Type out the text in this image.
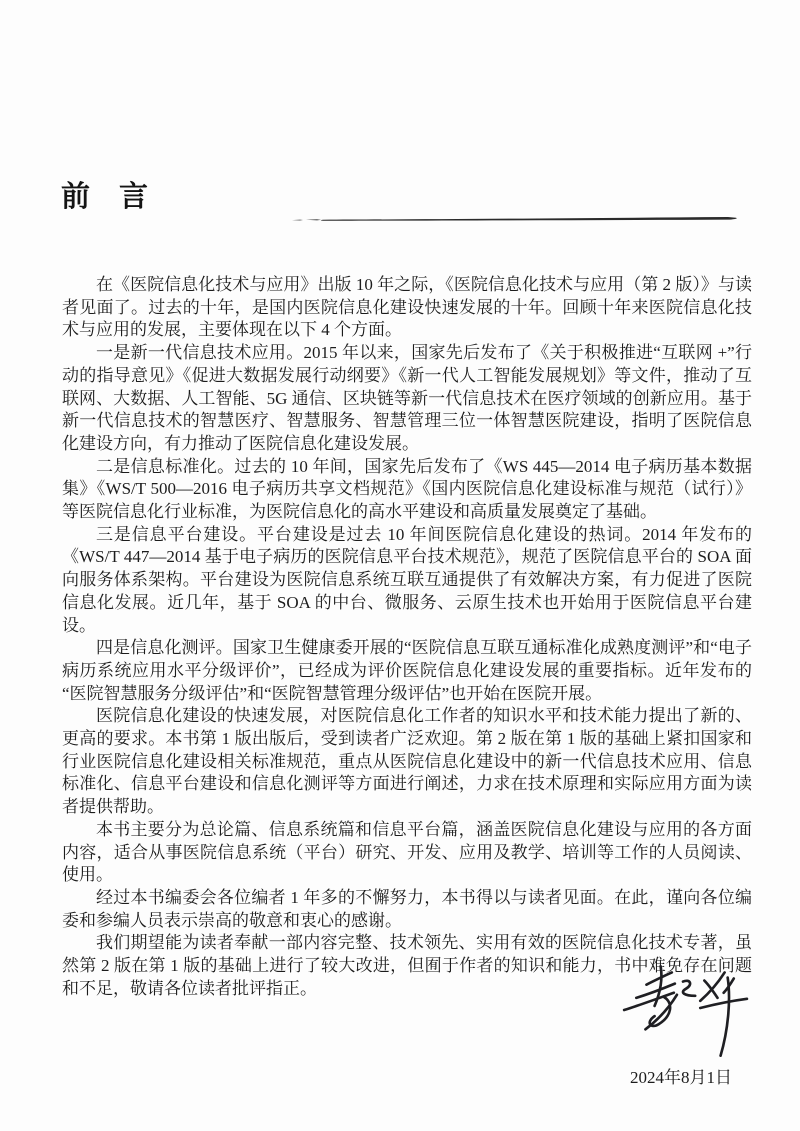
前　言

在《医院信息化技术与应用》出版 10 年之际，《医院信息化技术与应用（第 2 版）》与读者见面了。过去的十年，是国内医院信息化建设快速发展的十年。回顾十年来医院信息化技术与应用的发展，主要体现在以下 4 个方面。

一是新一代信息技术应用。2015 年以来，国家先后发布了《关于积极推进“互联网 +”行动的指导意见》《促进大数据发展行动纲要》《新一代人工智能发展规划》等文件，推动了互联网、大数据、人工智能、5G 通信、区块链等新一代信息技术在医疗领域的创新应用。基于新一代信息技术的智慧医疗、智慧服务、智慧管理三位一体智慧医院建设，指明了医院信息化建设方向，有力推动了医院信息化建设发展。

二是信息标准化。过去的 10 年间，国家先后发布了《WS 445—2014 电子病历基本数据集》《WS/T 500—2016 电子病历共享文档规范》《国内医院信息化建设标准与规范（试行）》等医院信息化行业标准，为医院信息化的高水平建设和高质量发展奠定了基础。

三是信息平台建设。平台建设是过去 10 年间医院信息化建设的热词。2014 年发布的《WS/T 447—2014 基于电子病历的医院信息平台技术规范》，规范了医院信息平台的 SOA 面向服务体系架构。平台建设为医院信息系统互联互通提供了有效解决方案，有力促进了医院信息化发展。近几年，基于 SOA 的中台、微服务、云原生技术也开始用于医院信息平台建设。

四是信息化测评。国家卫生健康委开展的“医院信息互联互通标准化成熟度测评”和“电子病历系统应用水平分级评价”，已经成为评价医院信息化建设发展的重要指标。近年发布的“医院智慧服务分级评估”和“医院智慧管理分级评估”也开始在医院开展。

医院信息化建设的快速发展，对医院信息化工作者的知识水平和技术能力提出了新的、更高的要求。本书第 1 版出版后，受到读者广泛欢迎。第 2 版在第 1 版的基础上紧扣国家和行业医院信息化建设相关标准规范，重点从医院信息化建设中的新一代信息技术应用、信息标准化、信息平台建设和信息化测评等方面进行阐述，力求在技术原理和实际应用方面为读者提供帮助。

本书主要分为总论篇、信息系统篇和信息平台篇，涵盖医院信息化建设与应用的各方面内容，适合从事医院信息系统（平台）研究、开发、应用及教学、培训等工作的人员阅读、使用。

经过本书编委会各位编者 1 年多的不懈努力，本书得以与读者见面。在此，谨向各位编委和参编人员表示崇高的敬意和衷心的感谢。

我们期望能为读者奉献一部内容完整、技术领先、实用有效的医院信息化技术专著，虽然第 2 版在第 1 版的基础上进行了较大改进，但囿于作者的知识和能力，书中难免存在问题和不足，敬请各位读者批评指正。

2024年8月1日
